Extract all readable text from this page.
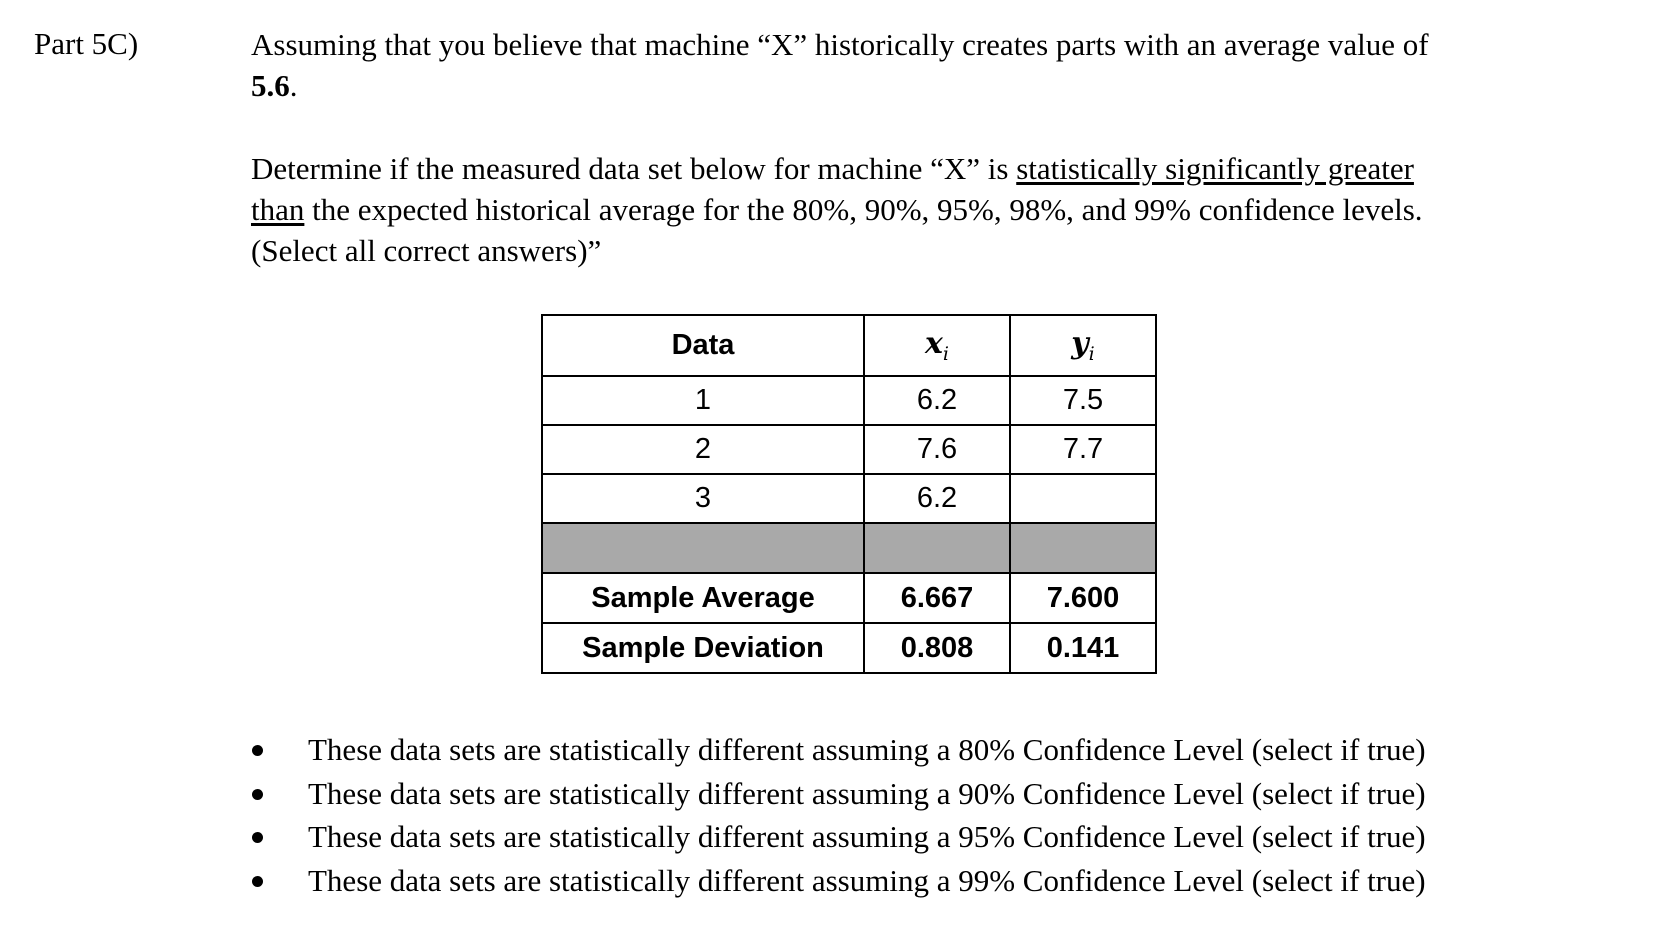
Part 5C)	Assuming that you believe that machine “X” historically creates parts with an average value of
5.6.
Determine if the measured data set below for machine “X” is statistically significantly greater
than the expected historical average for the 80%, 90%, 95%, 98%, and 99% confidence levels.
(Select all correct answers)”
Data	$x_i$	$y_i$
1	6.2	7.5
2	7.6	7.7
3	6.2	

Sample Average	6.667	7.600
Sample Deviation	0.808	0.141
These data sets are statistically different assuming a 80% Confidence Level (select if true)
These data sets are statistically different assuming a 90% Confidence Level (select if true)
These data sets are statistically different assuming a 95% Confidence Level (select if true)
These data sets are statistically different assuming a 99% Confidence Level (select if true)
